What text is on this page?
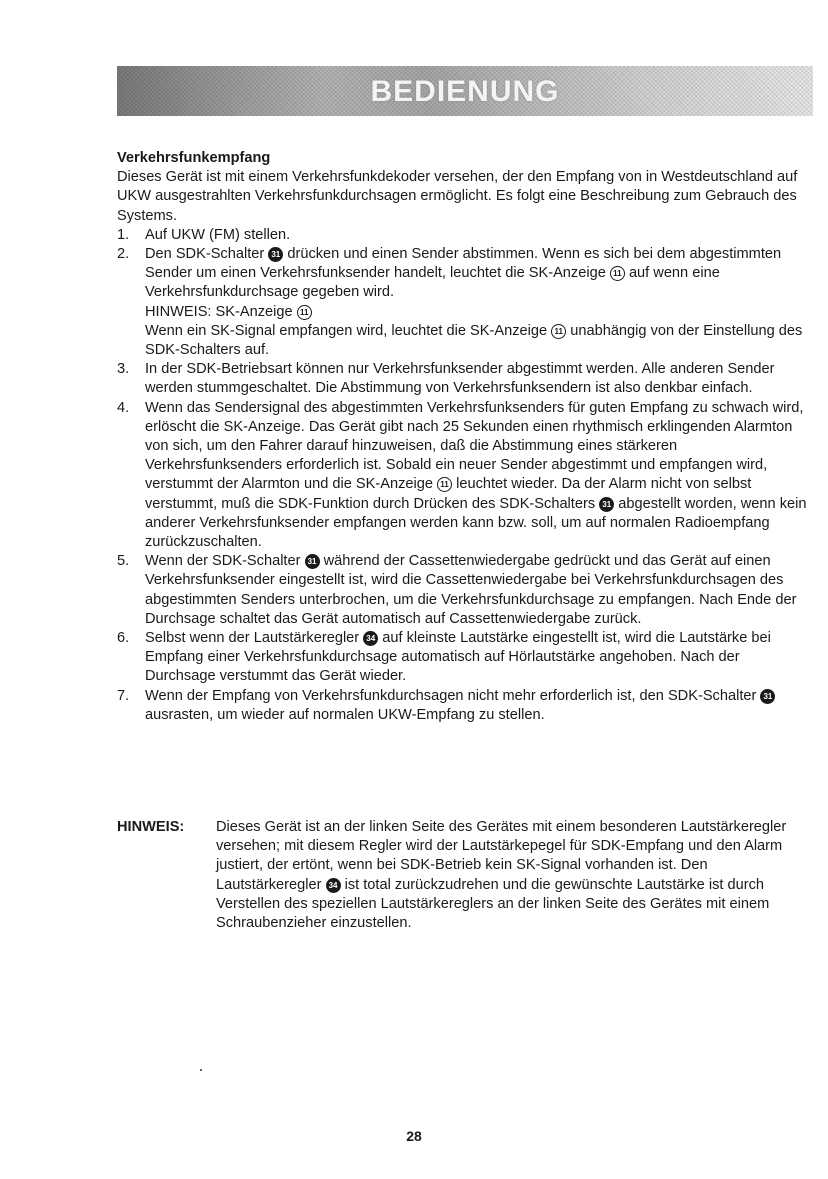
BEDIENUNG
Verkehrsfunkempfang

Dieses Gerät ist mit einem Verkehrsfunkdekoder versehen, der den Empfang von in Westdeutschland auf UKW ausgestrahlten Verkehrsfunkdurchsagen ermöglicht. Es folgt eine Beschreibung zum Gebrauch des Systems.

1. Auf UKW (FM) stellen.
2. Den SDK-Schalter 31 drücken und einen Sender abstimmen. Wenn es sich bei dem abgestimmten Sender um einen Verkehrsfunksender handelt, leuchtet die SK-Anzeige 11 auf wenn eine Verkehrsfunkdurchsage gegeben wird.
HINWEIS: SK-Anzeige 11
Wenn ein SK-Signal empfangen wird, leuchtet die SK-Anzeige 11 unabhängig von der Einstellung des SDK-Schalters auf.
3. In der SDK-Betriebsart können nur Verkehrsfunksender abgestimmt werden. Alle anderen Sender werden stummgeschaltet. Die Abstimmung von Verkehrsfunksendern ist also denkbar einfach.
4. Wenn das Sendersignal des abgestimmten Verkehrsfunksenders für guten Empfang zu schwach wird, erlöscht die SK-Anzeige. Das Gerät gibt nach 25 Sekunden einen rhythmisch erklingenden Alarmton von sich, um den Fahrer darauf hinzuweisen, daß die Abstimmung eines stärkeren Verkehrsfunksenders erforderlich ist. Sobald ein neuer Sender abgestimmt und empfangen wird, verstummt der Alarmton und die SK-Anzeige 11 leuchtet wieder. Da der Alarm nicht von selbst verstummt, muß die SDK-Funktion durch Drücken des SDK-Schalters 31 abgestellt worden, wenn kein anderer Verkehrsfunksender empfangen werden kann bzw. soll, um auf normalen Radioempfang zurückzuschalten.
5. Wenn der SDK-Schalter 31 während der Cassettenwiedergabe gedrückt und das Gerät auf einen Verkehrsfunksender eingestellt ist, wird die Cassettenwiedergabe bei Verkehrsfunkdurchsagen des abgestimmten Senders unterbrochen, um die Verkehrsfunkdurchsage zu empfangen. Nach Ende der Durchsage schaltet das Gerät automatisch auf Cassettenwiedergabe zurück.
6. Selbst wenn der Lautstärkeregler 34 auf kleinste Lautstärke eingestellt ist, wird die Lautstärke bei Empfang einer Verkehrsfunkdurchsage automatisch auf Hörlautstärke angehoben. Nach der Durchsage verstummt das Gerät wieder.
7. Wenn der Empfang von Verkehrsfunkdurchsagen nicht mehr erforderlich ist, den SDK-Schalter 31 ausrasten, um wieder auf normalen UKW-Empfang zu stellen.
HINWEIS: Dieses Gerät ist an der linken Seite des Gerätes mit einem besonderen Lautstärkeregler versehen; mit diesem Regler wird der Lautstärkepegel für SDK-Empfang und den Alarm justiert, der ertönt, wenn bei SDK-Betrieb kein SK-Signal vorhanden ist. Den Lautstärkeregler 34 ist total zurückzudrehen und die gewünschte Lautstärke ist durch Verstellen des speziellen Lautstärkereglers an der linken Seite des Gerätes mit einem Schraubenzieher einzustellen.
28
